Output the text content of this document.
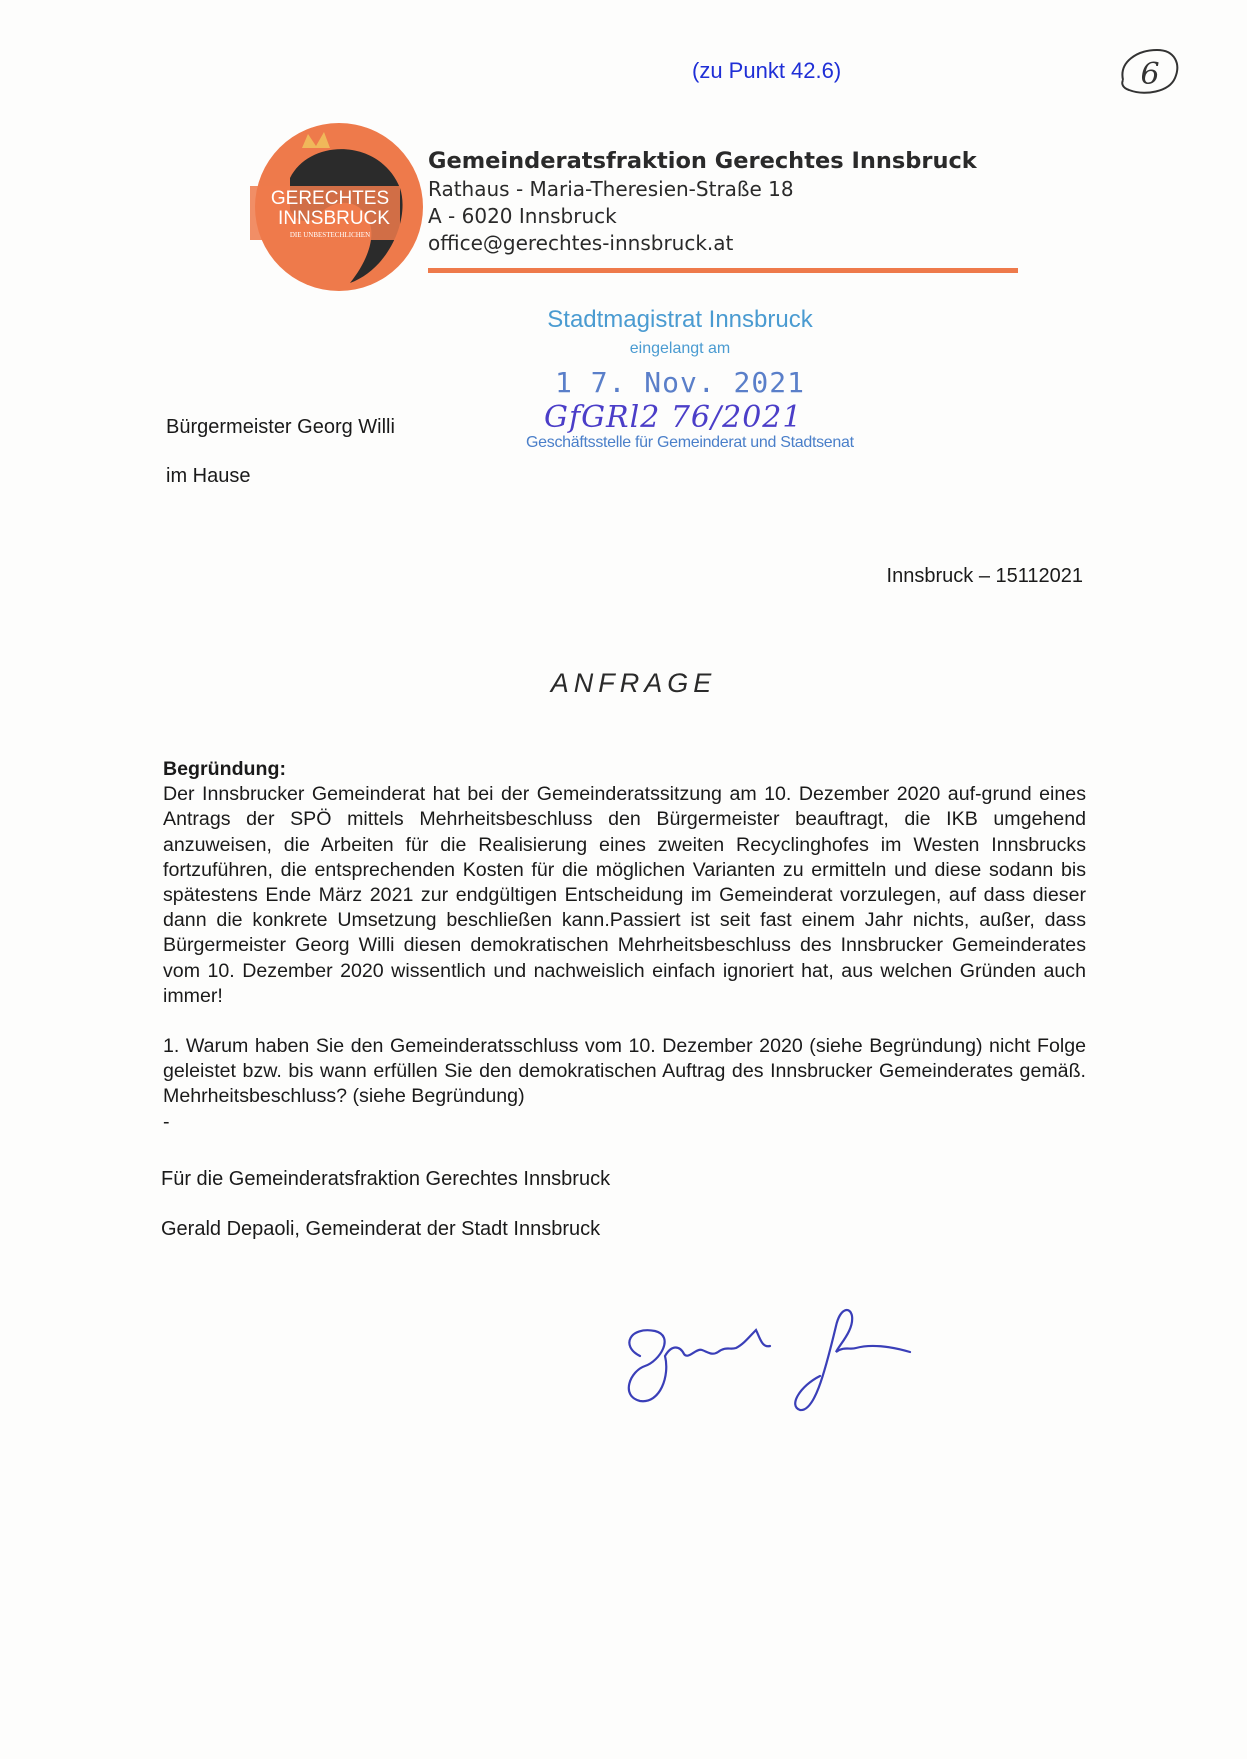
(zu Punkt 42.6)	6
GERECHTES
INNSBRUCK
DIE UNBESTECHLICHEN
Gemeinderatsfraktion Gerechtes Innsbruck
Rathaus - Maria-Theresien-Straße 18
A - 6020 Innsbruck
office@gerechtes-innsbruck.at
Stadtmagistrat Innsbruck
eingelangt am
1 7. Nov. 2021
GfGRl2 76/2021
Geschäftsstelle für Gemeinderat und Stadtsenat
Bürgermeister Georg Willi
im Hause
Innsbruck – 15112021
ANFRAGE
Begründung:

Der Innsbrucker Gemeinderat hat bei der Gemeinderatssitzung am 10. Dezember 2020 auf-grund eines Antrags der SPÖ mittels Mehrheitsbeschluss den Bürgermeister beauftragt, die IKB umgehend anzuweisen, die Arbeiten für die Realisierung eines zweiten Recyclinghofes im Westen Innsbrucks fortzuführen, die entsprechenden Kosten für die möglichen Varianten zu ermitteln und diese sodann bis spätestens Ende März 2021 zur endgültigen Entscheidung im Gemeinderat vorzulegen, auf dass dieser dann die konkrete Umsetzung beschließen kann.Passiert ist seit fast einem Jahr nichts, außer, dass Bürgermeister Georg Willi diesen demokratischen Mehrheitsbeschluss des Innsbrucker Gemeinderates vom 10. Dezember 2020 wissentlich und nachweislich einfach ignoriert hat, aus welchen Gründen auch immer!

1. Warum haben Sie den Gemeinderatsschluss vom 10. Dezember 2020 (siehe Begründung) nicht Folge geleistet bzw. bis wann erfüllen Sie den demokratischen Auftrag des Innsbrucker Gemeinderates gemäß. Mehrheitsbeschluss? (siehe Begründung)

-

Für die Gemeinderatsfraktion Gerechtes Innsbruck
Gerald Depaoli, Gemeinderat der Stadt Innsbruck
